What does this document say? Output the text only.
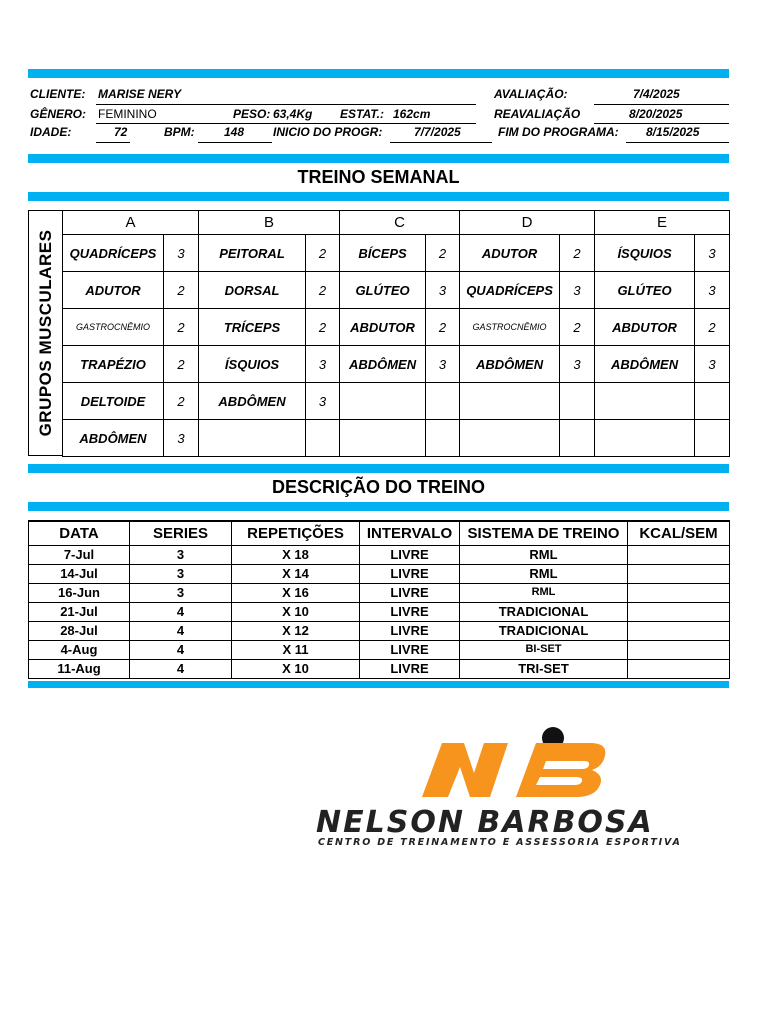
CLIENTE: MARISE NERY	AVALIAÇÃO:	7/4/2025
GÊNERO: FEMININO	PESO: 63,4Kg ESTAT.: 162cm	REAVALIAÇÃO	8/20/2025
IDADE:	72	BPM: 148 INICIO DO PROGR:	7/7/2025	FIM DO PROGRAMA: 8/15/2025
TREINO SEMANAL
GRUPOS MUSCULARES
A		B		C		D		E	
QUADRÍCEPS	3	PEITORAL	2	BÍCEPS	2	ADUTOR	2	ÍSQUIOS	3
ADUTOR	2	DORSAL	2	GLÚTEO	3	QUADRÍCEPS	3	GLÚTEO	3
GASTROCNÊMIO	2	TRÍCEPS	2	ABDUTOR	2	GASTROCNÊMIO	2	ABDUTOR	2
TRAPÉZIO	2	ÍSQUIOS	3	ABDÔMEN	3	ABDÔMEN	3	ABDÔMEN	3
DELTOIDE	2	ABDÔMEN	3						
ABDÔMEN	3								
DESCRIÇÃO DO TREINO
DATA	SERIES	REPETIÇÕES	INTERVALO	SISTEMA DE TREINO	KCAL/SEM
7-Jul	3	X 18	LIVRE	RML	
14-Jul	3	X 14	LIVRE	RML	
16-Jun	3	X 16	LIVRE	RML	
21-Jul	4	X 10	LIVRE	TRADICIONAL	
28-Jul	4	X 12	LIVRE	TRADICIONAL	
4-Aug	4	X 11	LIVRE	BI-SET	
11-Aug	4	X 10	LIVRE	TRI-SET	
NELSON BARBOSA
CENTRO DE TREINAMENTO E ASSESSORIA ESPORTIVA
